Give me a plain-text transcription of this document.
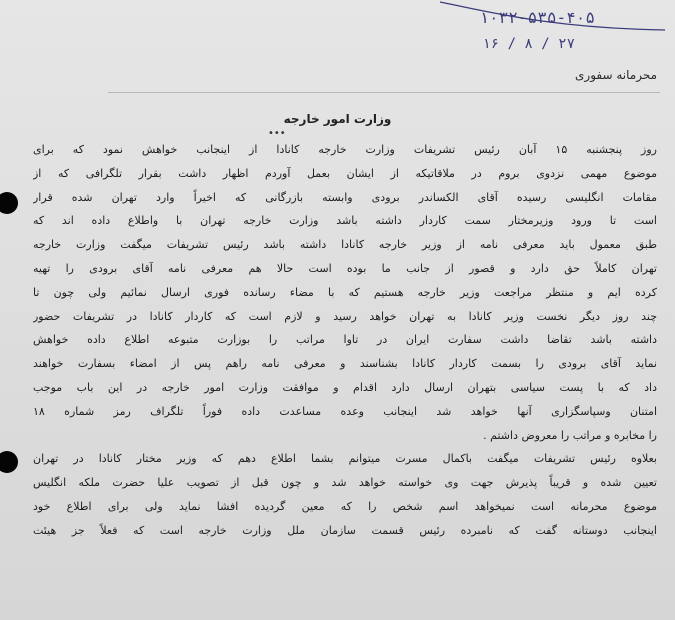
۱۰۳۲-۵۳۵-۴۰۵
۱۶ / ۸ / ۲۷
محرمانه سفوری
وزارت امور خارجه
•••
روز پنجشنبه ۱۵ آبان رئیس تشریفات وزارت خارجه کانادا از اینجانب خواهش نمود که برای
موضوع مهمی نزدوی بروم در ملاقاتیکه از ایشان بعمل آوردم اظهار داشت بقرار تلگرافی که از
مقامات انگلیسی رسیده آقای الکساندر برودی وابسته بازرگانی که اخیراً وارد تهران شده قرار
است تا ورود وزیرمختار سمت کاردار داشته باشد وزارت خارجه تهران با واطلاع داده اند که
طبق معمول باید معرفی نامه از وزیر خارجه کانادا داشته باشد رئیس تشریفات میگفت وزارت خارجه
تهران کاملاً حق دارد و قصور از جانب ما بوده است حالا هم معرفی نامه آقای برودی را تهیه
کرده ایم و منتظر مراجعت وزیر خارجه هستیم که با مضاء رسانده فوری ارسال نمائیم ولی چون تا
چند روز دیگر نخست وزیر کانادا به تهران خواهد رسید و لازم است که کاردار کانادا در تشریفات حضور
داشته باشد تقاضا داشت سفارت ایران در تاوا مراتب را بوزارت متبوعه اطلاع داده خواهش
نماید آقای برودی را بسمت کاردار کانادا بشناسند و معرفی نامه راهم پس از امضاء بسفارت خواهند
داد که با پست سیاسی بتهران ارسال دارد اقدام و موافقت وزارت امور خارجه در این باب موجب
امتنان وسپاسگزاری آنها خواهد شد اینجانب وعده مساعدت داده فوراً تلگراف رمز شماره ۱۸
را مخابره و مراتب را معروض داشتم .
بعلاوه رئیس تشریفات میگفت باکمال مسرت میتوانم بشما اطلاع دهم که وزیر مختار کانادا در تهران
تعیین شده و قریباً پذیرش جهت وی خواسته خواهد شد و چون قبل از تصویب علیا حضرت ملکه انگلیس
موضوع محرمانه است نمیخواهد اسم شخص را که معین گردیده افشا نماید ولی برای اطلاع خود
اینجانب دوستانه گفت که نامبرده رئیس قسمت سازمان ملل وزارت خارجه است که فعلاً جز هیئت
